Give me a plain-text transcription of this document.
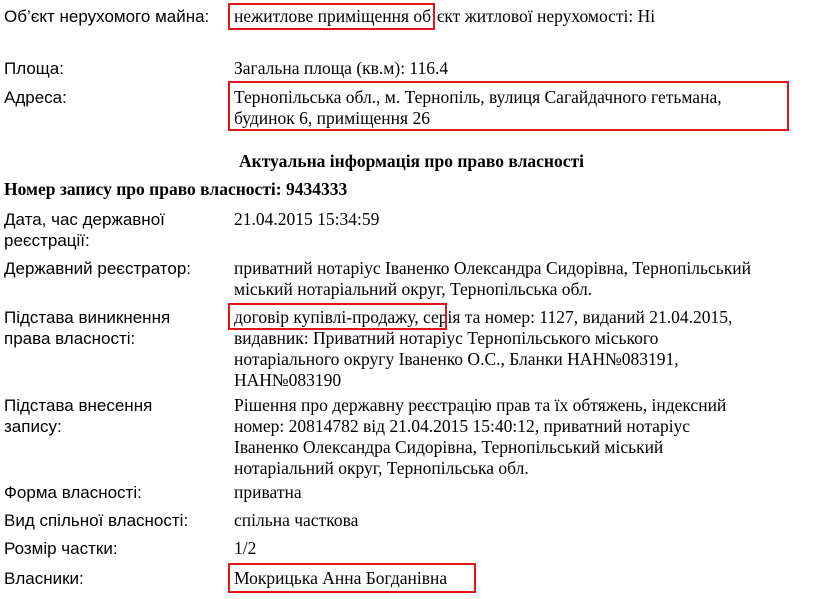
Об’єкт нерухомого майна:	нежитлове приміщення об’єкт житлової нерухомості: Ні
Площа:	Загальна площа (кв.м): 116.4
Адреса:	Тернопільська обл., м. Тернопіль, вулиця Сагайдачного гетьмана,
будинок 6, приміщення 26
Актуальна інформація про право власності
Номер запису про право власності: 9434333
Дата, час державної
реєстрації:
21.04.2015 15:34:59
Державний реєстратор:	приватний нотаріус Іваненко Олександра Сидорівна, Тернопільський
міський нотаріальний округ, Тернопільська обл.
Підстава виникнення
права власності:
договір купівлі-продажу, серія та номер: 1127, виданий 21.04.2015,
видавник: Приватний нотаріус Тернопільського міського
нотаріального округу Іваненко О.С., Бланки НАН№083191,
НАН№083190
Підстава внесення
запису:
Рішення про державну реєстрацію прав та їх обтяжень, індексний
номер: 20814782 від 21.04.2015 15:40:12, приватний нотаріус
Іваненко Олександра Сидорівна, Тернопільський міський
нотаріальний округ, Тернопільська обл.
Форма власності:	приватна
Вид спільної власності:	спільна часткова
Розмір частки:	1/2
Власники:	Мокрицька Анна Богданівна
